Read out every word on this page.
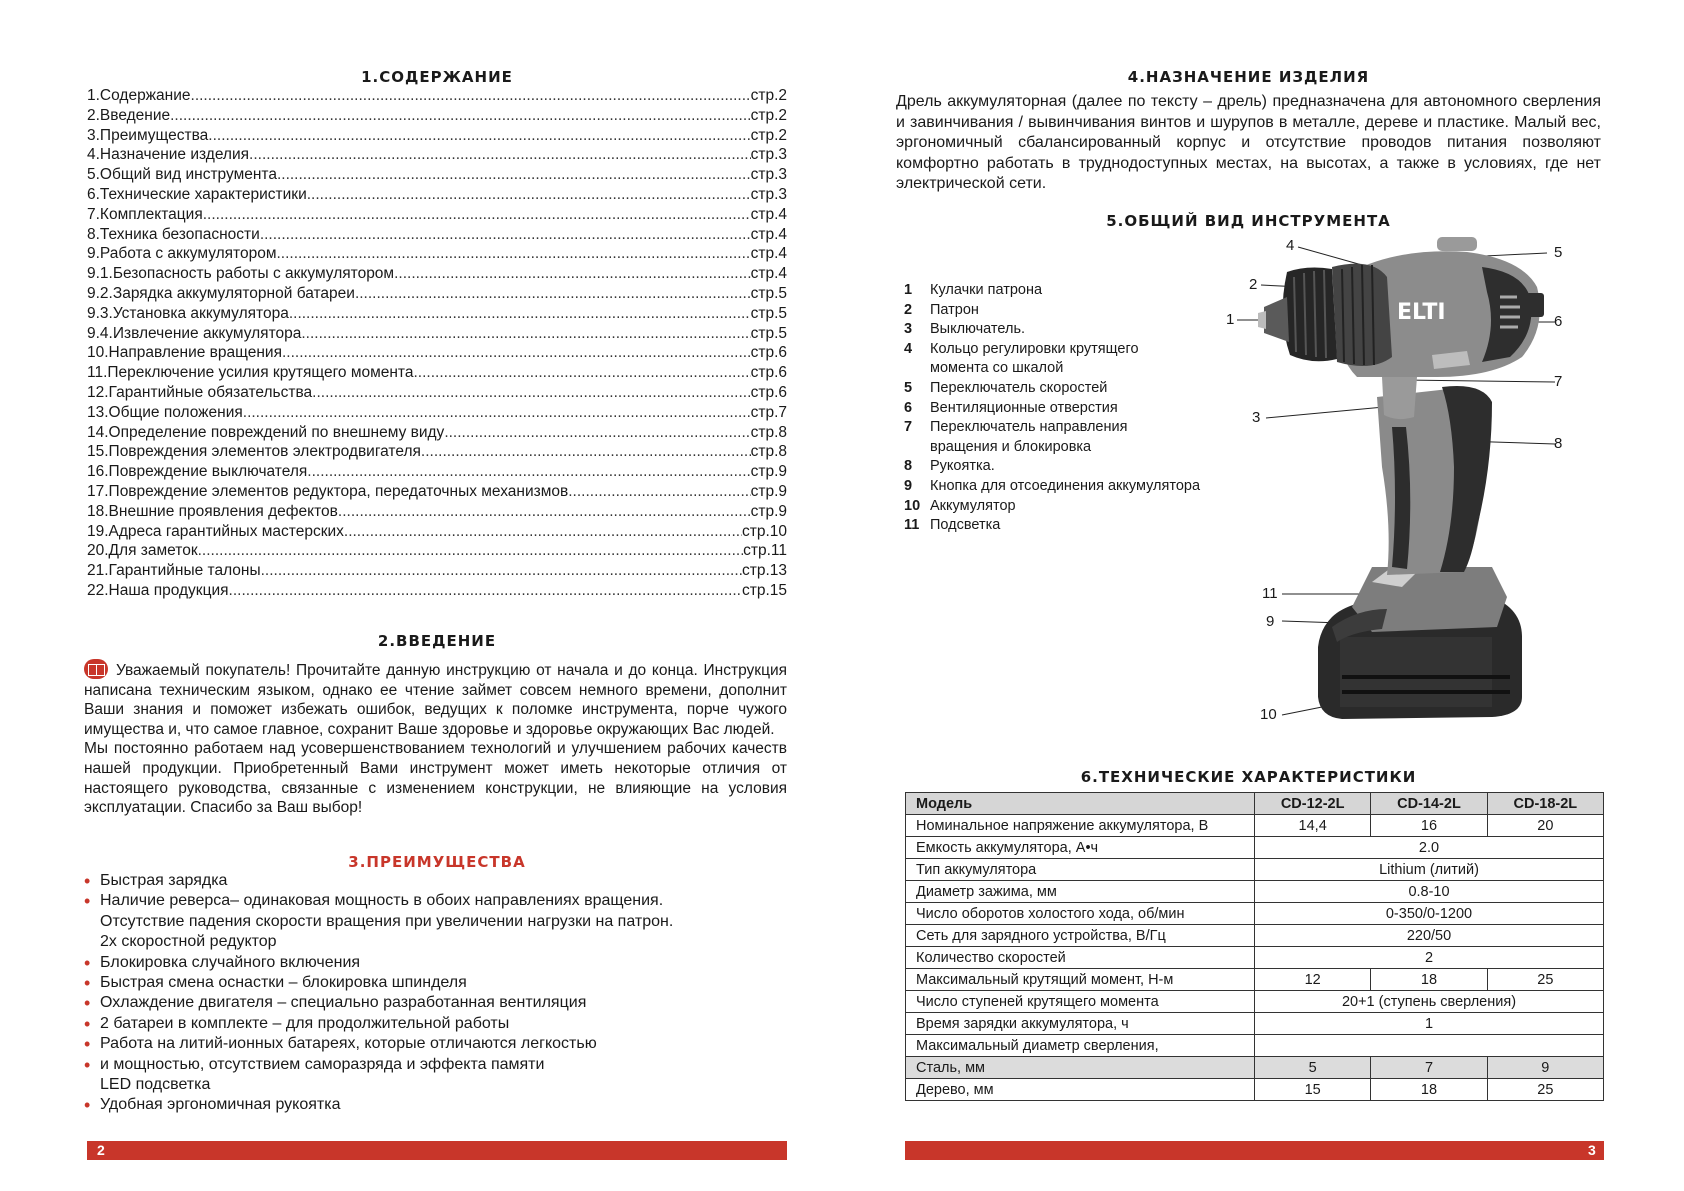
1.СОДЕРЖАНИЕ
1.Содержание .....	стр.2
2.Введение .....	стр.2
3.Преимущества .....	стр.2
4.Назначение изделия .....	стр.3
5.Общий вид инструмента .....	стр.3
6.Технические характеристики .....	стр.3
7.Комплектация .....	стр.4
8.Техника безопасности .....	стр.4
9.Работа с аккумулятором .....	стр.4
9.1.Безопасность работы с аккумулятором .....	стр.4
9.2.Зарядка аккумуляторной батареи .....	стр.5
9.3.Установка аккумулятора .....	стр.5
9.4.Извлечение аккумулятора .....	стр.5
10.Направление вращения .....	стр.6
11.Переключение усилия крутящего момента .....	стр.6
12.Гарантийные обязательства .....	стр.6
13.Общие положения .....	стр.7
14.Определение повреждений по внешнему виду .....	стр.8
15.Повреждения элементов электродвигателя .....	стр.8
16.Повреждение выключателя .....	стр.9
17.Повреждение элементов редуктора, передаточных механизмов .....	стр.9
18.Внешние проявления дефектов .....	стр.9
19.Адреса гарантийных мастерских .....	стр.10
20.Для заметок .....	стр.11
21.Гарантийные талоны .....	стр.13
22.Наша продукция .....	стр.15
2.ВВЕДЕНИЕ
Уважаемый покупатель! Прочитайте данную инструкцию от начала и до конца. Инструкция написана техническим языком, однако ее чтение займет совсем немного времени, дополнит Ваши знания и поможет избежать ошибок, ведущих к поломке инструмента, порче чужого имущества и, что самое главное, сохранит Ваше здоровье и здоровье окружающих Вас людей.
Мы постоянно работаем над усовершенствованием технологий и улучшением рабочих качеств нашей продукции. Приобретенный Вами инструмент может иметь некоторые отличия от настоящего руководства, связанные с изменением конструкции, не влияющие на условия эксплуатации. Спасибо за Ваш выбор!
3.ПРЕИМУЩЕСТВА
• Быстрая зарядка
• Наличие реверса– одинаковая мощность в обоих направлениях вращения.
Отсутствие падения скорости вращения при увеличении нагрузки на патрон.
2х скоростной редуктор
• Блокировка случайного включения
• Быстрая смена оснастки – блокировка шпинделя
• Охлаждение двигателя – специально разработанная вентиляция
• 2 батареи в комплекте – для продолжительной работы
• Работа на литий-ионных батареях, которые отличаются легкостью
• и мощностью, отсутствием саморазряда и эффекта памяти
LED подсветка
• Удобная эргономичная рукоятка
2
4.НАЗНАЧЕНИЕ ИЗДЕЛИЯ
Дрель аккумуляторная (далее по тексту – дрель) предназначена для автономного сверления и завинчивания / вывинчивания винтов и шурупов в металле, дереве и пластике. Малый вес, эргономичный сбалансированный корпус и отсутствие проводов питания позволяют комфортно работать в труднодоступных местах, на высотах, а также в условиях, где нет электрической сети.
5.ОБЩИЙ ВИД ИНСТРУМЕНТА
1	Кулачки патрона
2	Патрон
3	Выключатель.
4	Кольцо регулировки крутящего
момента со шкалой
5	Переключатель скоростей
6	Вентиляционные отверстия
7	Переключатель направления
вращения и блокировка
8	Рукоятка.
9	Кнопка для отсоединения аккумулятора
10 Аккумулятор
11 Подсветка
ELTI
4	5
2
1	6
7
3
8
11
9
10
6.ТЕХНИЧЕСКИЕ ХАРАКТЕРИСТИКИ
Модель	CD-12-2L	CD-14-2L	CD-18-2L
Номинальное напряжение аккумулятора, В	14,4	16	20
Емкость аккумулятора, А•ч	2.0		
Тип аккумулятора	Lithium (литий)		
Диаметр зажима, мм	0.8-10		
Число оборотов холостого хода, об/мин	0-350/0-1200		
Сеть для зарядного устройства, В/Гц	220/50		
Количество скоростей	2		
Максимальный крутящий момент, Н-м	12	18	25
Число ступеней крутящего момента	20+1 (ступень сверления)		
Время зарядки аккумулятора, ч	1		
Максимальный диаметр сверления,			
Сталь, мм	5	7	9
Дерево, мм	15	18	25
3
